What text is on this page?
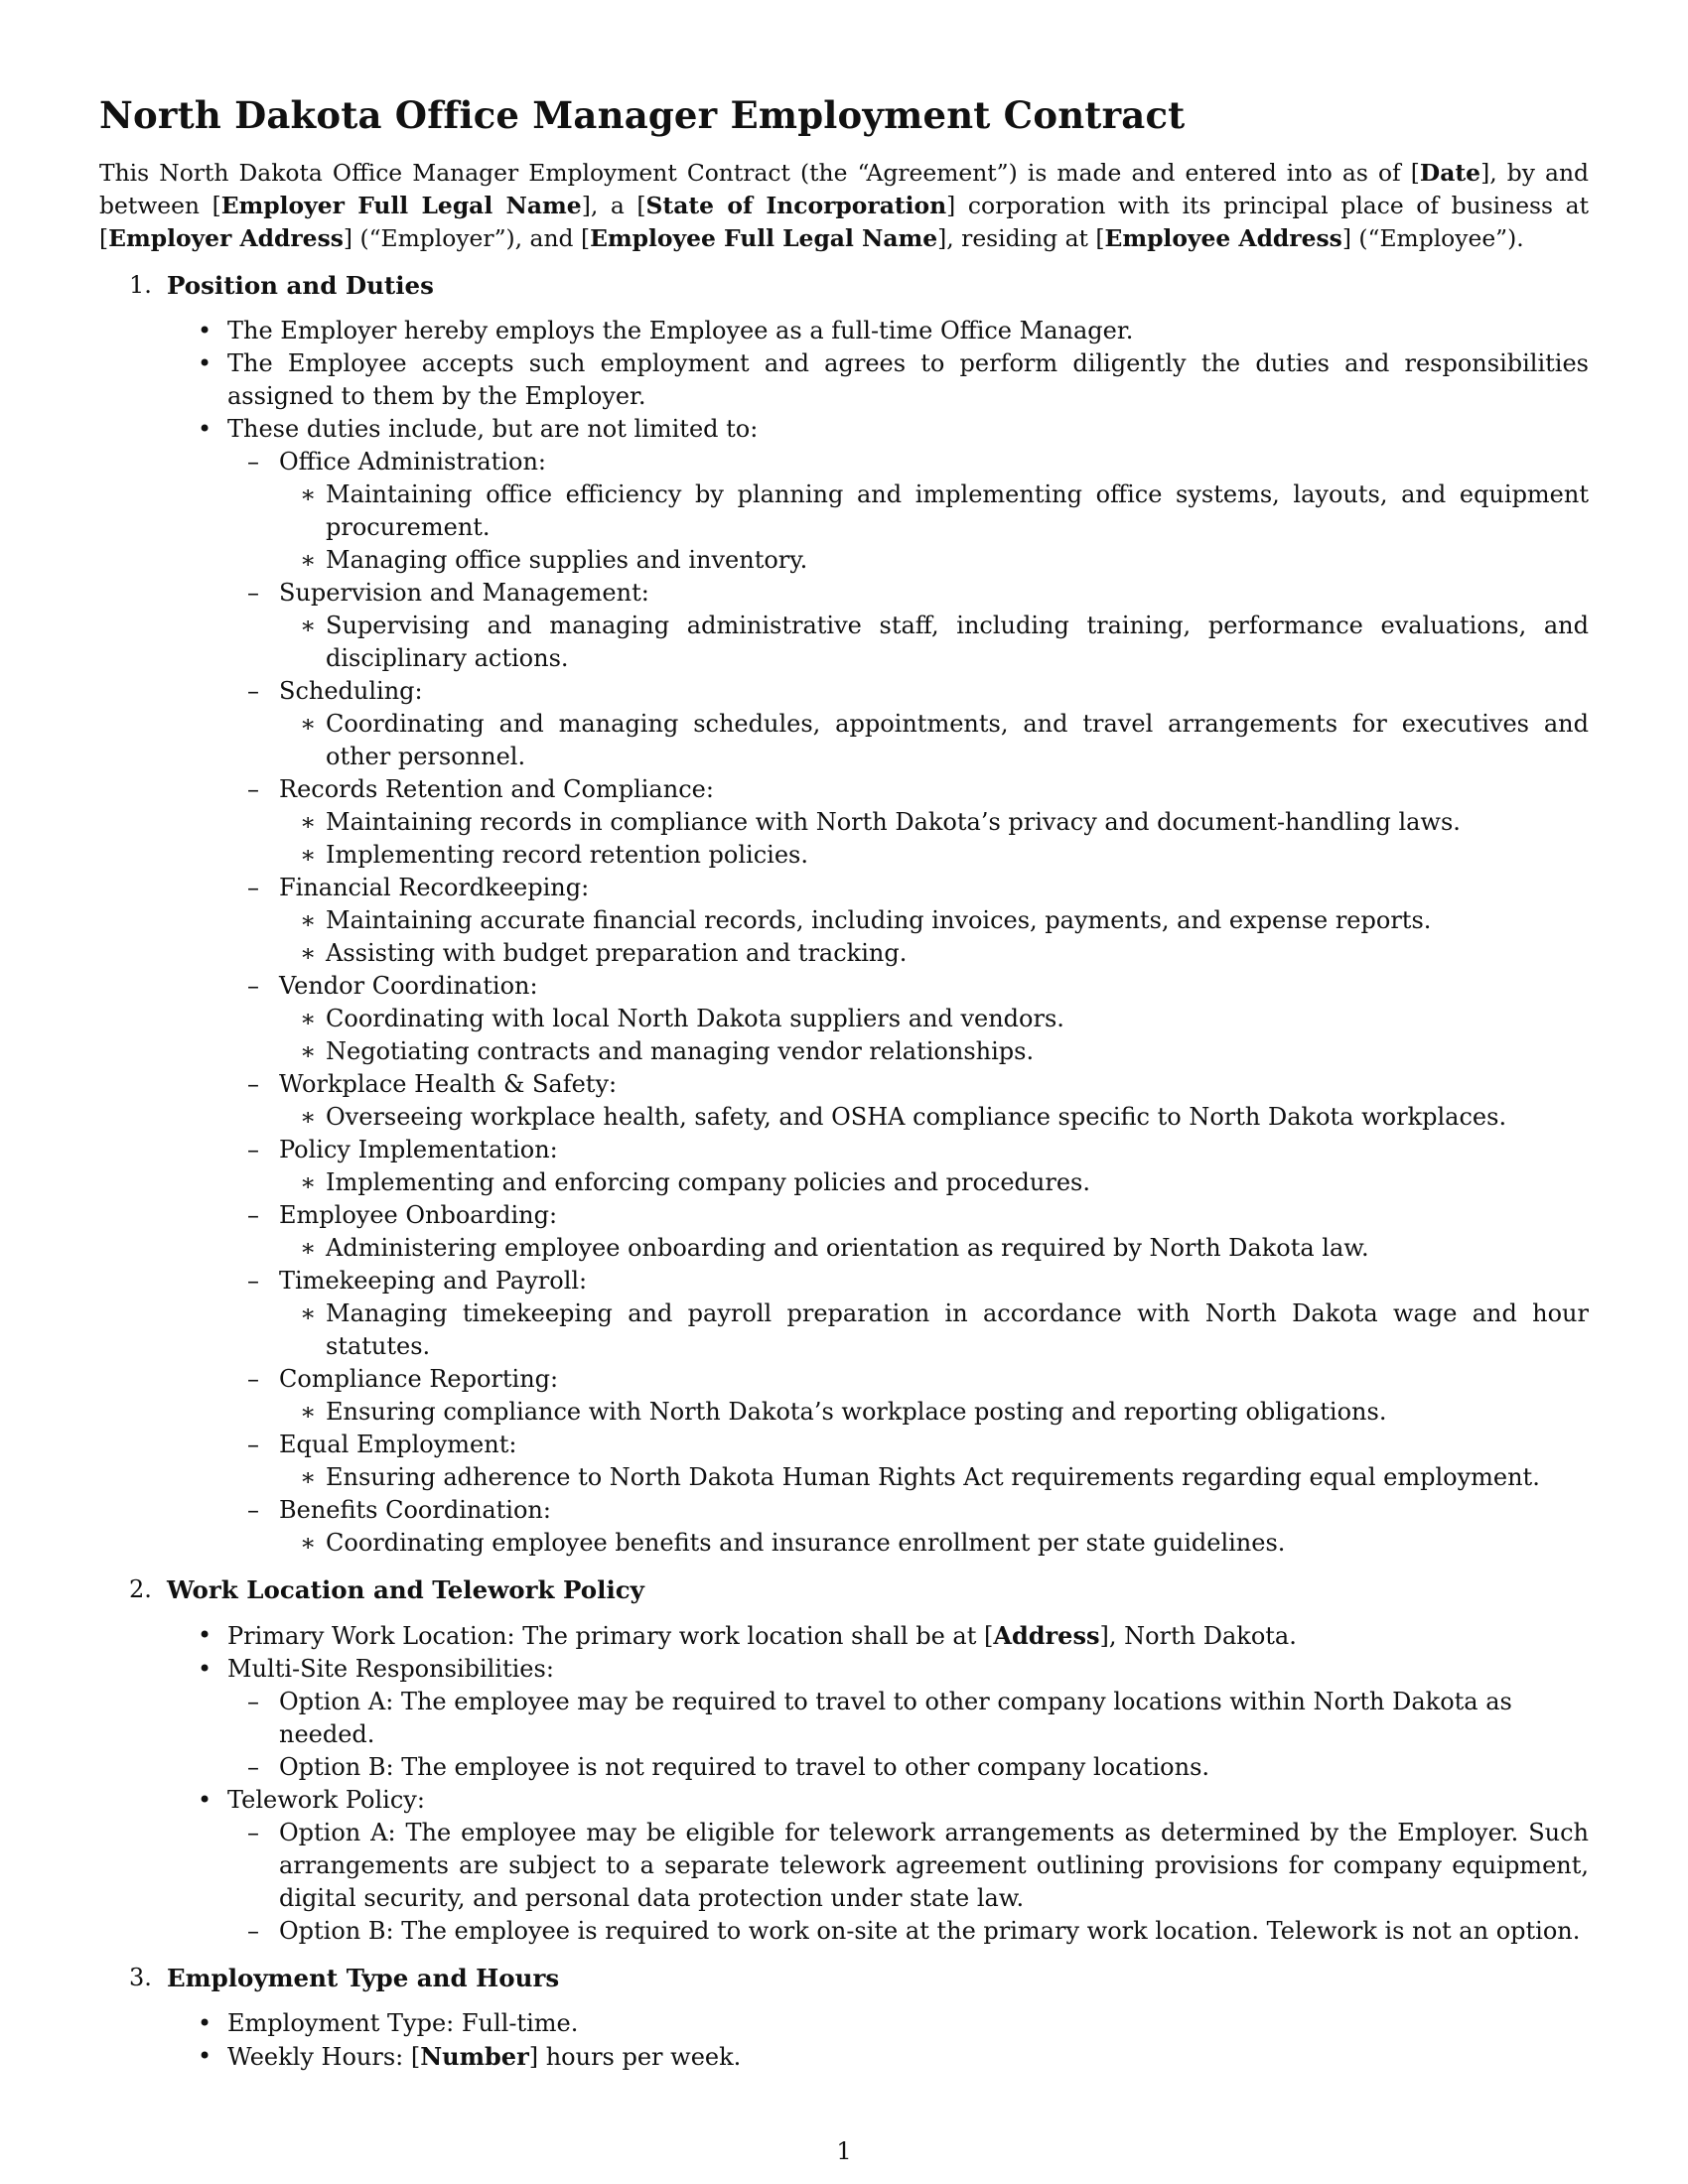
North Dakota Office Manager Employment Contract

This North Dakota Office Manager Employment Contract (the “Agreement”) is made and entered into as of [Date], by and between [Employer Full Legal Name], a [State of Incorporation] corporation with its principal place of business at [Employer Address] (“Employer”), and [Employee Full Legal Name], residing at [Employee Address] (“Employee”).

1. Position and Duties
• The Employer hereby employs the Employee as a full-time Office Manager.
• The Employee accepts such employment and agrees to perform diligently the duties and responsibilities assigned to them by the Employer.
• These duties include, but are not limited to:
– Office Administration:
∗ Maintaining office efficiency by planning and implementing office systems, layouts, and equipment procurement.
∗ Managing office supplies and inventory.
– Supervision and Management:
∗ Supervising and managing administrative staff, including training, performance evaluations, and disciplinary actions.
– Scheduling:
∗ Coordinating and managing schedules, appointments, and travel arrangements for executives and other personnel.
– Records Retention and Compliance:
∗ Maintaining records in compliance with North Dakota’s privacy and document-handling laws.
∗ Implementing record retention policies.
– Financial Recordkeeping:
∗ Maintaining accurate financial records, including invoices, payments, and expense reports.
∗ Assisting with budget preparation and tracking.
– Vendor Coordination:
∗ Coordinating with local North Dakota suppliers and vendors.
∗ Negotiating contracts and managing vendor relationships.
– Workplace Health & Safety:
∗ Overseeing workplace health, safety, and OSHA compliance specific to North Dakota workplaces.
– Policy Implementation:
∗ Implementing and enforcing company policies and procedures.
– Employee Onboarding:
∗ Administering employee onboarding and orientation as required by North Dakota law.
– Timekeeping and Payroll:
∗ Managing timekeeping and payroll preparation in accordance with North Dakota wage and hour statutes.
– Compliance Reporting:
∗ Ensuring compliance with North Dakota’s workplace posting and reporting obligations.
– Equal Employment:
∗ Ensuring adherence to North Dakota Human Rights Act requirements regarding equal employment.
– Benefits Coordination:
∗ Coordinating employee benefits and insurance enrollment per state guidelines.
2. Work Location and Telework Policy
• Primary Work Location: The primary work location shall be at [Address], North Dakota.
• Multi-Site Responsibilities:
– Option A: The employee may be required to travel to other company locations within North Dakota as needed.
– Option B: The employee is not required to travel to other company locations.
• Telework Policy:
– Option A: The employee may be eligible for telework arrangements as determined by the Employer. Such arrangements are subject to a separate telework agreement outlining provisions for company equipment, digital security, and personal data protection under state law.
– Option B: The employee is required to work on-site at the primary work location. Telework is not an option.
3. Employment Type and Hours
• Employment Type: Full-time.
• Weekly Hours: [Number] hours per week.
1
